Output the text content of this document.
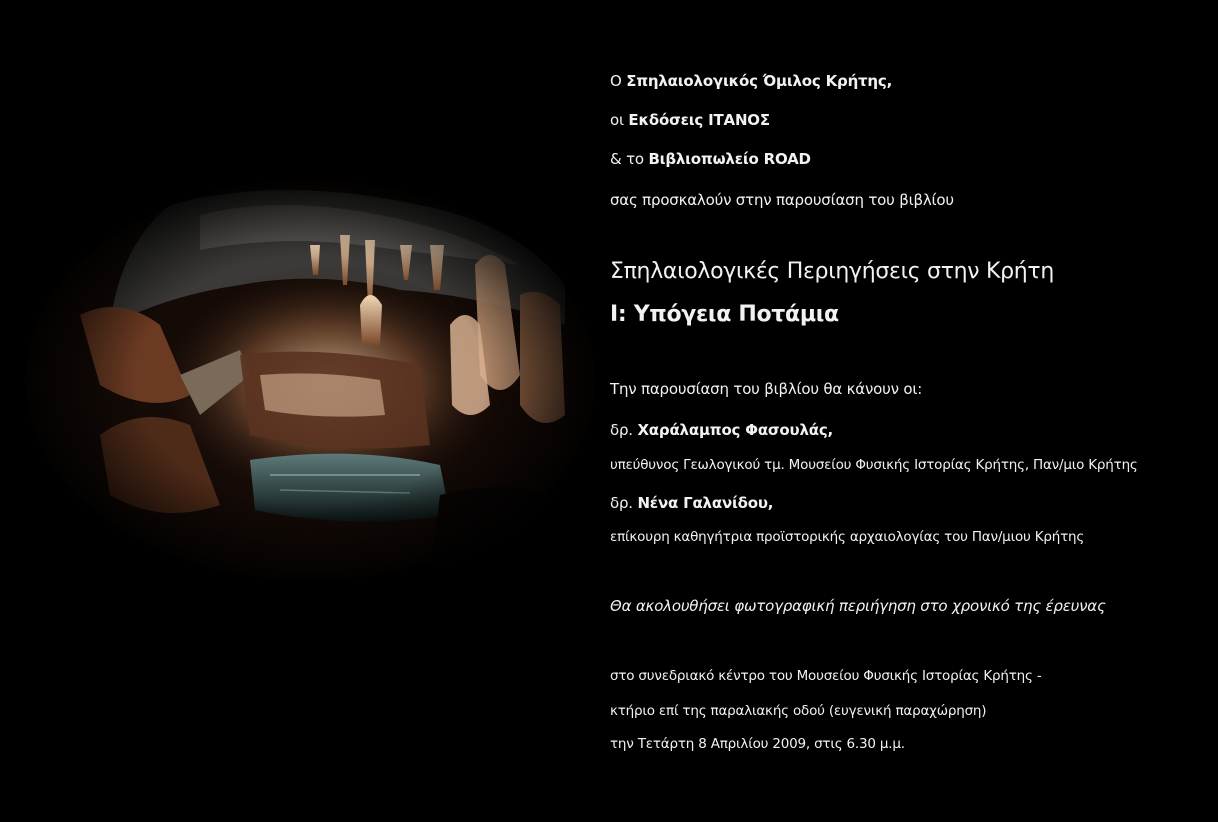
Ο Σπηλαιολογικός Όμιλος Κρήτης,
οι Εκδόσεις ΙΤΑΝΟΣ
& το Βιβλιοπωλείο ROAD
σας προσκαλούν στην παρουσίαση του βιβλίου
Σπηλαιολογικές Περιηγήσεις στην Κρήτη
Ι: Υπόγεια Ποτάμια
Την παρουσίαση του βιβλίου θα κάνουν οι:
δρ. Χαράλαμπος Φασουλάς,
υπεύθυνος Γεωλογικού τμ. Μουσείου Φυσικής Ιστορίας Κρήτης, Παν/μιο Κρήτης
δρ. Νένα Γαλανίδου,
επίκουρη καθηγήτρια προϊστορικής αρχαιολογίας του Παν/μιου Κρήτης
Θα ακολουθήσει φωτογραφική περιήγηση στο χρονικό της έρευνας
στο συνεδριακό κέντρο του Μουσείου Φυσικής Ιστορίας Κρήτης -
κτήριο επί της παραλιακής οδού (ευγενική παραχώρηση)
την Τετάρτη 8 Απριλίου 2009, στις 6.30 μ.μ.
